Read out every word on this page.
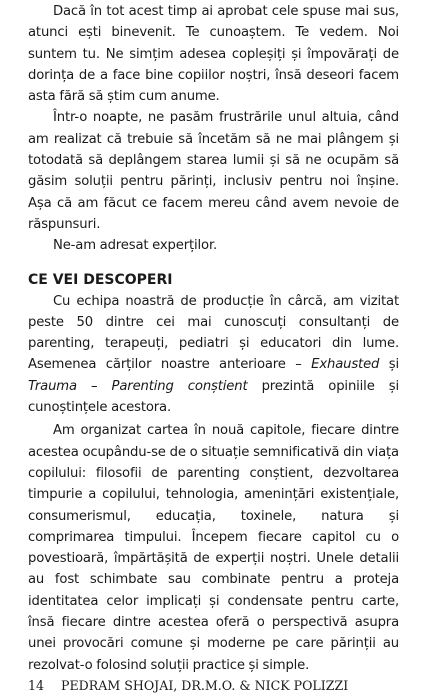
Dacă în tot acest timp ai aprobat cele spuse mai sus, atunci ești binevenit. Te cunoaștem. Te vedem. Noi suntem tu. Ne simțim adesea copleșiți și împovărați de dorința de a face bine copiilor noștri, însă deseori facem asta fără să știm cum anume.

Într-o noapte, ne pasăm frustrările unul altuia, când am realizat că trebuie să încetăm să ne mai plângem și totodată să deplângem starea lumii și să ne ocupăm să găsim soluții pentru părinți, inclusiv pentru noi înșine. Așa că am făcut ce facem mereu când avem nevoie de răspunsuri.

Ne-am adresat experților.

CE VEI DESCOPERI

Cu echipa noastră de producție în cârcă, am vizitat peste 50 dintre cei mai cunoscuți consultanți de parenting, terapeuți, pediatri și educatori din lume. Asemenea cărților noastre anterioare – Exhausted și Trauma – Parenting conștient prezintă opiniile și cunoștințele acestora.

Am organizat cartea în nouă capitole, fiecare dintre acestea ocupându-se de o situație semnificativă din viața copilului: filosofii de parenting conștient, dezvoltarea timpurie a copilului, tehnologia, amenințări existențiale, consumerismul, educația, toxinele, natura și comprimarea timpului. Începem fiecare capitol cu o povestioară, împărtășită de experții noștri. Unele detalii au fost schimbate sau combinate pentru a proteja identitatea celor implicați și condensate pentru carte, însă fiecare dintre acestea oferă o perspectivă asupra unei provocări comune și moderne pe care părinții au rezolvat-o folosind soluții practice și simple.

14 PEDRAM SHOJAI, DR.M.O. & NICK POLIZZI
